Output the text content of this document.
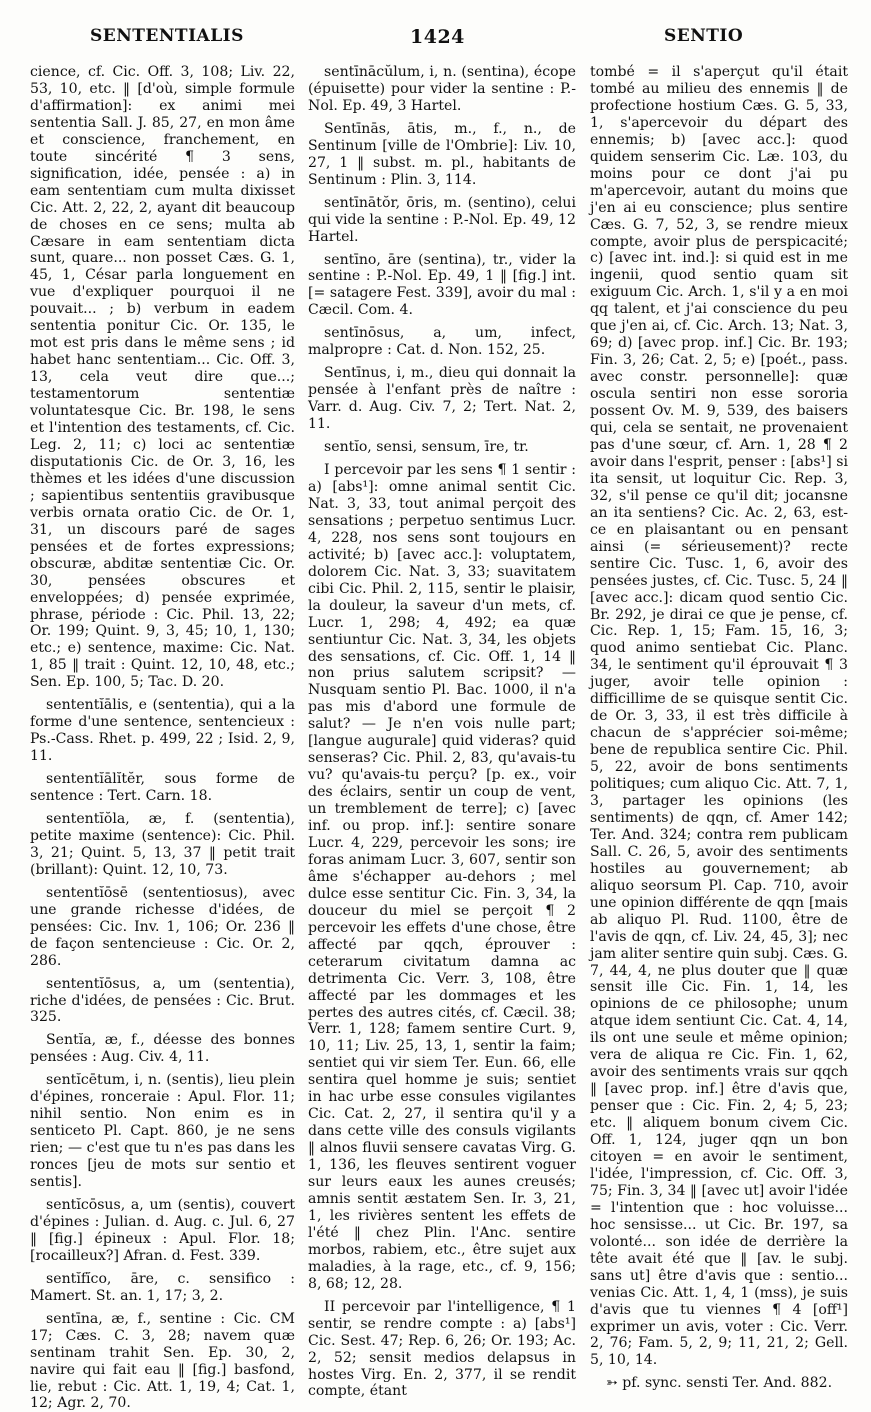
SENTENTIALIS	1424	SENTIO

cience, cf. Cic. Off. 3, 108; Liv. 22, 53, 10, etc. ‖ [d'où, simple formule d'affirmation]: ex animi mei sententia Sall. J. 85, 27, en mon âme et conscience, franchement, en toute sincérité ¶ 3 sens, signification, idée, pensée : a) in eam sententiam cum multa dixisset Cic. Att. 2, 22, 2, ayant dit beaucoup de choses en ce sens; multa ab Cæsare in eam sententiam dicta sunt, quare... non posset Cæs. G. 1, 45, 1, César parla longuement en vue d'expliquer pourquoi il ne pouvait... ; b) verbum in eadem sententia ponitur Cic. Or. 135, le mot est pris dans le même sens ; id habet hanc sententiam... Cic. Off. 3, 13, cela veut dire que...; testamentorum sententiæ voluntatesque Cic. Br. 198, le sens et l'intention des testaments, cf. Cic. Leg. 2, 11; c) loci ac sententiæ disputationis Cic. de Or. 3, 16, les thèmes et les idées d'une discussion ; sapientibus sententiis gravibusque verbis ornata oratio Cic. de Or. 1, 31, un discours paré de sages pensées et de fortes expressions; obscuræ, abditæ sententiæ Cic. Or. 30, pensées obscures et enveloppées; d) pensée exprimée, phrase, période : Cic. Phil. 13, 22; Or. 199; Quint. 9, 3, 45; 10, 1, 130; etc.; e) sentence, maxime: Cic. Nat. 1, 85 ‖ trait : Quint. 12, 10, 48, etc.; Sen. Ep. 100, 5; Tac. D. 20.

sententĭālis, e (sententia), qui a la forme d'une sentence, sentencieux : Ps.-Cass. Rhet. p. 499, 22 ; Isid. 2, 9, 11.

sententĭālĭtĕr, sous forme de sentence : Tert. Carn. 18.

sententĭŏla, æ, f. (sententia), petite maxime (sentence): Cic. Phil. 3, 21; Quint. 5, 13, 37 ‖ petit trait (brillant): Quint. 12, 10, 73.

sententĭōsē (sententiosus), avec une grande richesse d'idées, de pensées: Cic. Inv. 1, 106; Or. 236 ‖ de façon sentencieuse : Cic. Or. 2, 286.

sententĭōsus, a, um (sententia), riche d'idées, de pensées : Cic. Brut. 325.

Sentĭa, æ, f., déesse des bonnes pensées : Aug. Civ. 4, 11.

sentĭcētum, i, n. (sentis), lieu plein d'épines, ronceraie : Apul. Flor. 11; nihil sentio. Non enim es in senticeto Pl. Capt. 860, je ne sens rien; — c'est que tu n'es pas dans les ronces [jeu de mots sur sentio et sentis].

sentĭcōsus, a, um (sentis), couvert d'épines : Julian. d. Aug. c. Jul. 6, 27 ‖ [fig.] épineux : Apul. Flor. 18; [rocailleux?] Afran. d. Fest. 339.

sentĭfĭco, āre, c. sensifico : Mamert. St. an. 1, 17; 3, 2.

sentīna, æ, f., sentine : Cic. CM 17; Cæs. C. 3, 28; navem quæ sentinam trahit Sen. Ep. 30, 2, navire qui fait eau ‖ [fig.] basfond, lie, rebut : Cic. Att. 1, 19, 4; Cat. 1, 12; Agr. 2, 70.

sentīnācŭlum, i, n. (sentina), écope (épuisette) pour vider la sentine : P.-Nol. Ep. 49, 3 Hartel.

Sentīnās, ātis, m., f., n., de Sentinum [ville de l'Ombrie]: Liv. 10, 27, 1 ‖ subst. m. pl., habitants de Sentinum : Plin. 3, 114.

sentīnātŏr, ōris, m. (sentino), celui qui vide la sentine : P.-Nol. Ep. 49, 12 Hartel.

sentīno, āre (sentina), tr., vider la sentine : P.-Nol. Ep. 49, 1 ‖ [fig.] int. [= satagere Fest. 339], avoir du mal : Cæcil. Com. 4.

sentīnōsus, a, um, infect, malpropre : Cat. d. Non. 152, 25.

Sentīnus, i, m., dieu qui donnait la pensée à l'enfant près de naître : Varr. d. Aug. Civ. 7, 2; Tert. Nat. 2, 11.

sentĭo, sensi, sensum, īre, tr.

I percevoir par les sens ¶ 1 sentir : a) [abs¹]: omne animal sentit Cic. Nat. 3, 33, tout animal perçoit des sensations ; perpetuo sentimus Lucr. 4, 228, nos sens sont toujours en activité; b) [avec acc.]: voluptatem, dolorem Cic. Nat. 3, 33; suavitatem cibi Cic. Phil. 2, 115, sentir le plaisir, la douleur, la saveur d'un mets, cf. Lucr. 1, 298; 4, 492; ea quæ sentiuntur Cic. Nat. 3, 34, les objets des sensations, cf. Cic. Off. 1, 14 ‖ non prius salutem scripsit? — Nusquam sentio Pl. Bac. 1000, il n'a pas mis d'abord une formule de salut? — Je n'en vois nulle part; [langue augurale] quid videras? quid senseras? Cic. Phil. 2, 83, qu'avais-tu vu? qu'avais-tu perçu? [p. ex., voir des éclairs, sentir un coup de vent, un tremblement de terre]; c) [avec inf. ou prop. inf.]: sentire sonare Lucr. 4, 229, percevoir les sons; ire foras animam Lucr. 3, 607, sentir son âme s'échapper au-dehors ; mel dulce esse sentitur Cic. Fin. 3, 34, la douceur du miel se perçoit ¶ 2 percevoir les effets d'une chose, être affecté par qqch, éprouver : ceterarum civitatum damna ac detrimenta Cic. Verr. 3, 108, être affecté par les dommages et les pertes des autres cités, cf. Cæcil. 38; Verr. 1, 128; famem sentire Curt. 9, 10, 11; Liv. 25, 13, 1, sentir la faim; sentiet qui vir siem Ter. Eun. 66, elle sentira quel homme je suis; sentiet in hac urbe esse consules vigilantes Cic. Cat. 2, 27, il sentira qu'il y a dans cette ville des consuls vigilants ‖ alnos fluvii sensere cavatas Virg. G. 1, 136, les fleuves sentirent voguer sur leurs eaux les aunes creusés; amnis sentit æstatem Sen. Ir. 3, 21, 1, les rivières sentent les effets de l'été ‖ chez Plin. l'Anc. sentire morbos, rabiem, etc., être sujet aux maladies, à la rage, etc., cf. 9, 156; 8, 68; 12, 28.

II percevoir par l'intelligence, ¶ 1 sentir, se rendre compte : a) [abs¹] Cic. Sest. 47; Rep. 6, 26; Or. 193; Ac. 2, 52; sensit medios delapsus in hostes Virg. En. 2, 377, il se rendit compte, étant

tombé = il s'aperçut qu'il était tombé au milieu des ennemis ‖ de profectione hostium Cæs. G. 5, 33, 1, s'apercevoir du départ des ennemis; b) [avec acc.]: quod quidem senserim Cic. Læ. 103, du moins pour ce dont j'ai pu m'apercevoir, autant du moins que j'en ai eu conscience; plus sentire Cæs. G. 7, 52, 3, se rendre mieux compte, avoir plus de perspicacité; c) [avec int. ind.]: si quid est in me ingenii, quod sentio quam sit exiguum Cic. Arch. 1, s'il y a en moi qq talent, et j'ai conscience du peu que j'en ai, cf. Cic. Arch. 13; Nat. 3, 69; d) [avec prop. inf.] Cic. Br. 193; Fin. 3, 26; Cat. 2, 5; e) [poét., pass. avec constr. personnelle]: quæ oscula sentiri non esse sororia possent Ov. M. 9, 539, des baisers qui, cela se sentait, ne provenaient pas d'une sœur, cf. Arn. 1, 28 ¶ 2 avoir dans l'esprit, penser : [abs¹] si ita sensit, ut loquitur Cic. Rep. 3, 32, s'il pense ce qu'il dit; jocansne an ita sentiens? Cic. Ac. 2, 63, est-ce en plaisantant ou en pensant ainsi (= sérieusement)? recte sentire Cic. Tusc. 1, 6, avoir des pensées justes, cf. Cic. Tusc. 5, 24 ‖ [avec acc.]: dicam quod sentio Cic. Br. 292, je dirai ce que je pense, cf. Cic. Rep. 1, 15; Fam. 15, 16, 3; quod animo sentiebat Cic. Planc. 34, le sentiment qu'il éprouvait ¶ 3 juger, avoir telle opinion : difficillime de se quisque sentit Cic. de Or. 3, 33, il est très difficile à chacun de s'apprécier soi-même; bene de republica sentire Cic. Phil. 5, 22, avoir de bons sentiments politiques; cum aliquo Cic. Att. 7, 1, 3, partager les opinions (les sentiments) de qqn, cf. Amer 142; Ter. And. 324; contra rem publicam Sall. C. 26, 5, avoir des sentiments hostiles au gouvernement; ab aliquo seorsum Pl. Cap. 710, avoir une opinion différente de qqn [mais ab aliquo Pl. Rud. 1100, être de l'avis de qqn, cf. Liv. 24, 45, 3]; nec jam aliter sentire quin subj. Cæs. G. 7, 44, 4, ne plus douter que ‖ quæ sensit ille Cic. Fin. 1, 14, les opinions de ce philosophe; unum atque idem sentiunt Cic. Cat. 4, 14, ils ont une seule et même opinion; vera de aliqua re Cic. Fin. 1, 62, avoir des sentiments vrais sur qqch ‖ [avec prop. inf.] être d'avis que, penser que : Cic. Fin. 2, 4; 5, 23; etc. ‖ aliquem bonum civem Cic. Off. 1, 124, juger qqn un bon citoyen = en avoir le sentiment, l'idée, l'impression, cf. Cic. Off. 3, 75; Fin. 3, 34 ‖ [avec ut] avoir l'idée = l'intention que : hoc voluisse... hoc sensisse... ut Cic. Br. 197, sa volonté... son idée de derrière la tête avait été que ‖ [av. le subj. sans ut] être d'avis que : sentio... venias Cic. Att. 1, 4, 1 (mss), je suis d'avis que tu viennes ¶ 4 [off¹] exprimer un avis, voter : Cic. Verr. 2, 76; Fam. 5, 2, 9; 11, 21, 2; Gell. 5, 10, 14.

➳ pf. sync. sensti Ter. And. 882.
